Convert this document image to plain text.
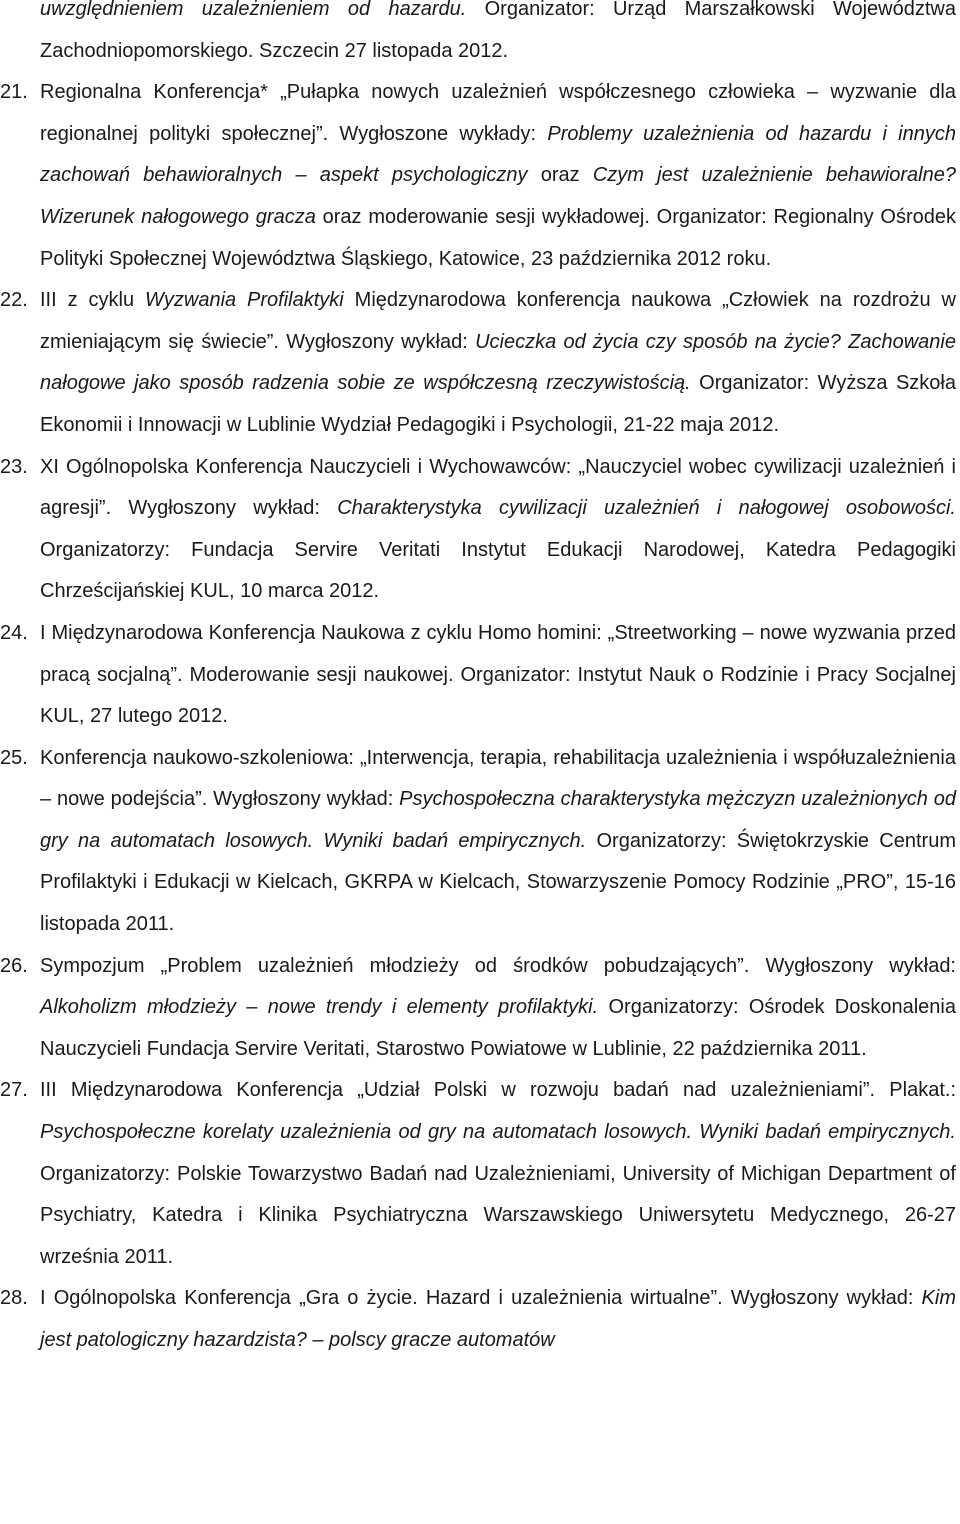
uwzględnieniem uzależnieniem od hazardu. Organizator: Urząd Marszałkowski Województwa Zachodniopomorskiego. Szczecin 27 listopada 2012.
21. Regionalna Konferencja* „Pułapka nowych uzależnień współczesnego człowieka – wyzwanie dla regionalnej polityki społecznej”. Wygłoszone wykłady: Problemy uzależnienia od hazardu i innych zachowań behawioralnych – aspekt psychologiczny oraz Czym jest uzależnienie behawioralne? Wizerunek nałogowego gracza oraz moderowanie sesji wykładowej. Organizator: Regionalny Ośrodek Polityki Społecznej Województwa Śląskiego, Katowice, 23 października 2012 roku.
22. III z cyklu Wyzwania Profilaktyki Międzynarodowa konferencja naukowa „Człowiek na rozdrożu w zmieniającym się świecie”. Wygłoszony wykład: Ucieczka od życia czy sposób na życie? Zachowanie nałogowe jako sposób radzenia sobie ze współczesną rzeczywistością. Organizator: Wyższa Szkoła Ekonomii i Innowacji w Lublinie Wydział Pedagogiki i Psychologii, 21-22 maja 2012.
23. XI Ogólnopolska Konferencja Nauczycieli i Wychowawców: „Nauczyciel wobec cywilizacji uzależnień i agresji”. Wygłoszony wykład: Charakterystyka cywilizacji uzależnień i nałogowej osobowości. Organizatorzy: Fundacja Servire Veritati Instytut Edukacji Narodowej, Katedra Pedagogiki Chrześcijańskiej KUL, 10 marca 2012.
24. I Międzynarodowa Konferencja Naukowa z cyklu Homo homini: „Streetworking – nowe wyzwania przed pracą socjalną”. Moderowanie sesji naukowej. Organizator: Instytut Nauk o Rodzinie i Pracy Socjalnej KUL, 27 lutego 2012.
25. Konferencja naukowo-szkoleniowa: „Interwencja, terapia, rehabilitacja uzależnienia i współuzależnienia – nowe podejścia”. Wygłoszony wykład: Psychospołeczna charakterystyka mężczyzn uzależnionych od gry na automatach losowych. Wyniki badań empirycznych. Organizatorzy: Świętokrzyskie Centrum Profilaktyki i Edukacji w Kielcach, GKRPA w Kielcach, Stowarzyszenie Pomocy Rodzinie „PRO”, 15-16 listopada 2011.
26. Sympozjum „Problem uzależnień młodzieży od środków pobudzających”. Wygłoszony wykład: Alkoholizm młodzieży – nowe trendy i elementy profilaktyki. Organizatorzy: Ośrodek Doskonalenia Nauczycieli Fundacja Servire Veritati, Starostwo Powiatowe w Lublinie, 22 października 2011.
27. III Międzynarodowa Konferencja „Udział Polski w rozwoju badań nad uzależnieniami”. Plakat.: Psychospołeczne korelaty uzależnienia od gry na automatach losowych. Wyniki badań empirycznych. Organizatorzy: Polskie Towarzystwo Badań nad Uzależnieniami, University of Michigan Department of Psychiatry, Katedra i Klinika Psychiatryczna Warszawskiego Uniwersytetu Medycznego, 26-27 września 2011.
28. I Ogólnopolska Konferencja „Gra o życie. Hazard i uzależnienia wirtualne”. Wygłoszony wykład: Kim jest patologiczny hazardzista? – polscy gracze automatów
